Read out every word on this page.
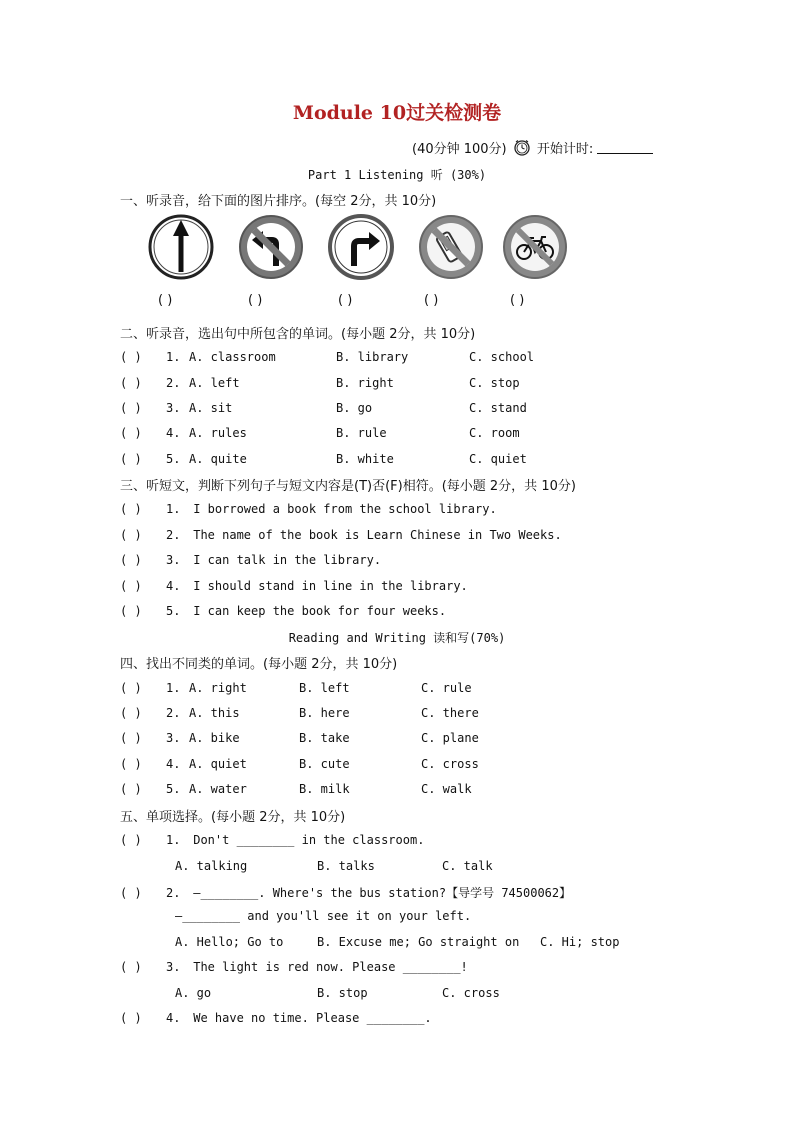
Module 10过关检测卷
(40分钟 100分) 开始计时:
Part 1 Listening 听 (30%)
一、听录音，给下面的图片排序。(每空 2分，共 10分)
( )	( )	( )	( )	( )
二、听录音，选出句中所包含的单词。(每小题 2分，共 10分)
( ) 1. A. classroom	B. library	C. school
( ) 2. A. left	B. right	C. stop
( ) 3. A. sit	B. go	C. stand
( ) 4. A. rules	B. rule	C. room
( ) 5. A. quite	B. white	C. quiet
三、听短文，判断下列句子与短文内容是(T)否(F)相符。(每小题 2分，共 10分)
( ) 1. I borrowed a book from the school library.
( ) 2. The name of the book is Learn Chinese in Two Weeks.
( ) 3. I can talk in the library.
( ) 4. I should stand in line in the library.
( ) 5. I can keep the book for four weeks.
Reading and Writing 读和写(70%)
四、找出不同类的单词。(每小题 2分，共 10分)
( ) 1. A. right	B. left	C. rule
( ) 2. A. this	B. here	C. there
( ) 3. A. bike	B. take	C. plane
( ) 4. A. quiet	B. cute	C. cross
( ) 5. A. water	B. milk	C. walk
五、单项选择。(每小题 2分，共 10分)
( ) 1. Don't ________ in the classroom.
A. talking	B. talks	C. talk
( ) 2. —________. Where's the bus station?【导学号 74500062】
—________ and you'll see it on your left.
A. Hello; Go to	B. Excuse me; Go straight on C. Hi; stop
( ) 3. The light is red now. Please ________!
A. go	B. stop	C. cross
( ) 4. We have no time. Please ________.
